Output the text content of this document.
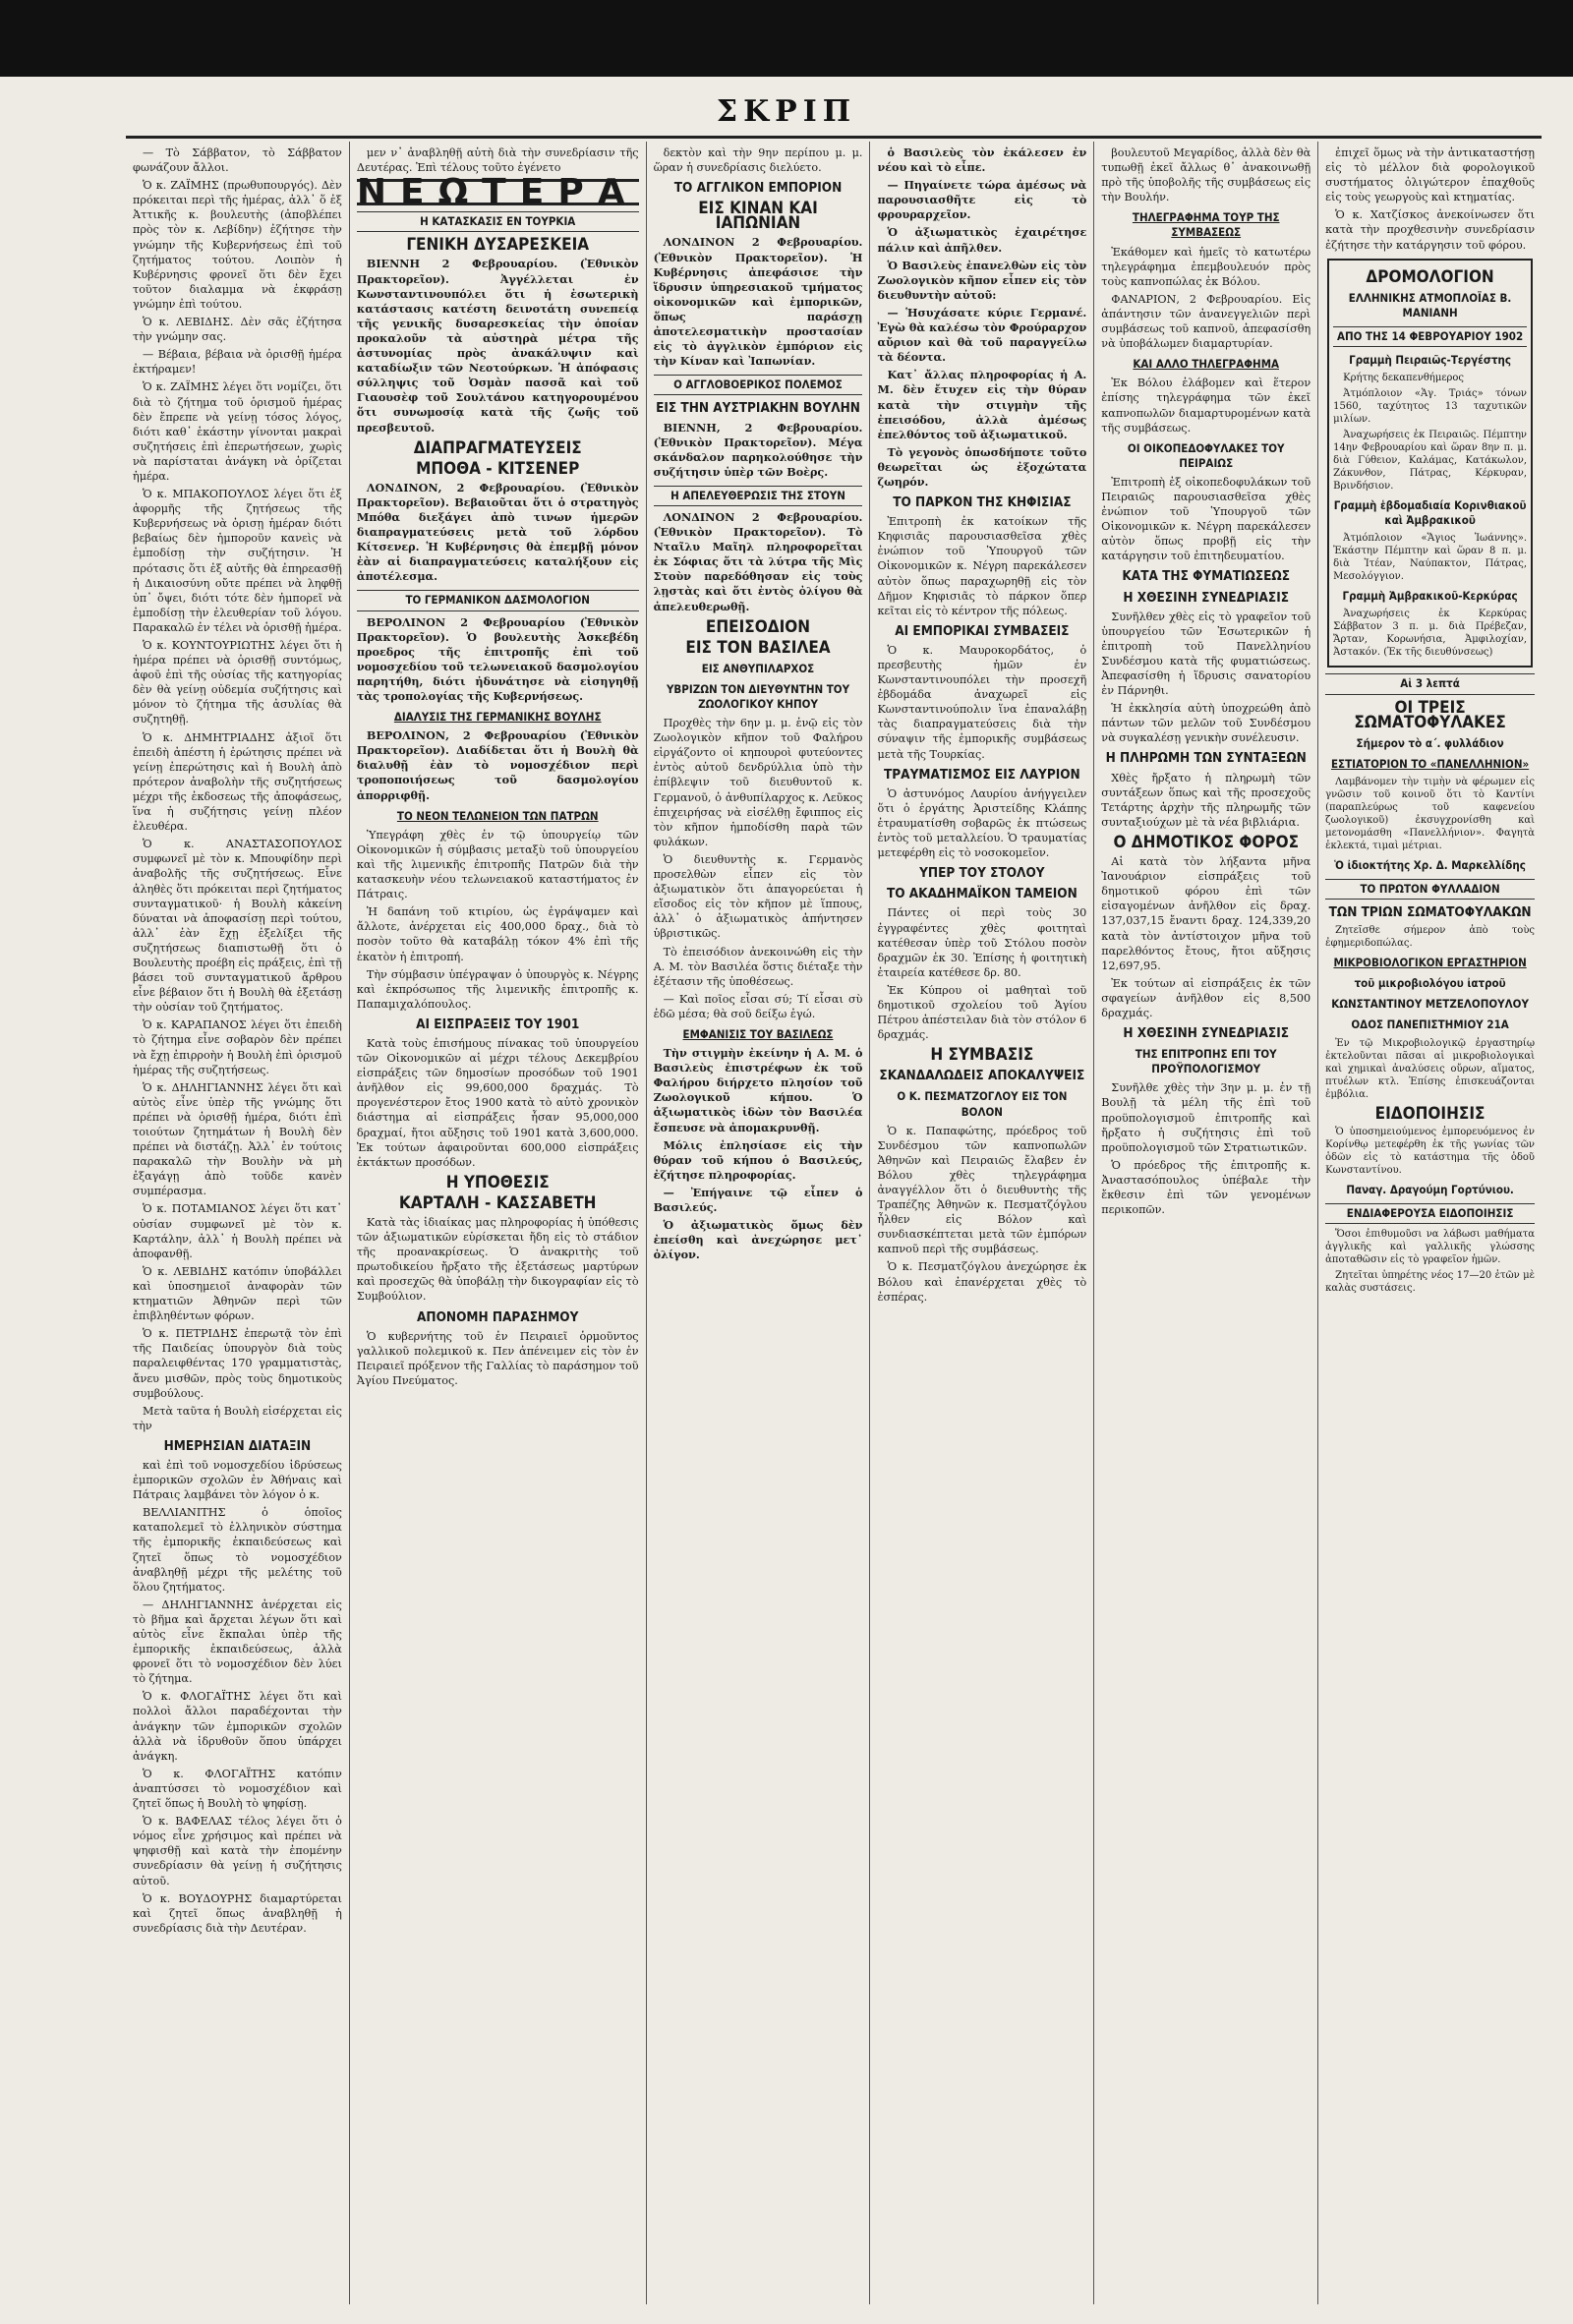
ΣΚΡΙΠ

— Τὸ Σάββατον, τὸ Σάββατον φωνάζουν ἄλλοι.

Ὁ κ. ΖΑΪΜΗΣ (πρωθυπουργός). Δὲν πρόκειται περὶ τῆς ἡμέρας, ἀλλ᾽ ὅ ἐξ Ἀττικῆς κ. βουλευτὴς (ἀποβλέπει πρὸς τὸν κ. Λεβίδην) ἐζήτησε τὴν γνώμην τῆς Κυβερνήσεως ἐπὶ τοῦ ζητήματος τούτου. Λοιπὸν ἡ Κυβέρνησις φρονεῖ ὅτι δὲν ἔχει τοῦτον διαλαμμα νὰ ἐκφράσῃ γνώμην ἐπὶ τούτου.

Ὁ κ. ΛΕΒΙΔΗΣ. Δὲν σᾶς ἐζήτησα τὴν γνώμην σας.

— Βέβαια, βέβαια νὰ ὁρισθῇ ἡμέρα ἐκτήραμεν!

Ὁ κ. ΖΑΪΜΗΣ λέγει ὅτι νομίζει, ὅτι διὰ τὸ ζήτημα τοῦ ὁρισμοῦ ἡμέρας δὲν ἔπρεπε νὰ γείνῃ τόσος λόγος, διότι καθ᾽ ἑκάστην γίνονται μακραὶ συζητήσεις ἐπὶ ἐπερωτήσεων, χωρὶς νὰ παρίσταται ἀνάγκη νὰ ὁρίζεται ἡμέρα.

Ὁ κ. ΜΠΑΚΟΠΟΥΛΟΣ λέγει ὅτι ἐξ ἀφορμῆς τῆς ζητήσεως τῆς Κυβερνήσεως νὰ ὁρισῃ ἡμέραν διότι βεβαίως δὲν ἠμποροῦν κανεὶς νὰ ἐμποδίσῃ τὴν συζήτησιν. Ἡ πρότασις ὅτι ἐξ αὐτῆς θὰ ἐπηρεασθῇ ἡ Δικαιοσύνη οὔτε πρέπει νὰ ληφθῇ ὑπ᾽ ὄψει, διότι τότε δὲν ἠμπορεῖ νὰ ἐμποδίσῃ τὴν ἐλευθερίαν τοῦ λόγου. Παρακαλῶ ἐν τέλει νὰ ὁρισθῇ ἡμέρα.

Ὁ κ. ΚΟΥΝΤΟΥΡΙΩΤΗΣ λέγει ὅτι ἡ ἡμέρα πρέπει νὰ ὁρισθῇ συντόμως, ἀφοῦ ἐπὶ τῆς οὐσίας τῆς κατηγορίας δὲν θὰ γείνῃ οὐδεμία συζήτησις καὶ μόνον τὸ ζήτημα τῆς ἀσυλίας θὰ συζητηθῇ.

Ὁ κ. ΔΗΜΗΤΡΙΑΔΗΣ ἀξιοῖ ὅτι ἐπειδὴ ἀπέστη ἡ ἐρώτησις πρέπει νὰ γείνῃ ἐπερώτησις καὶ ἡ Βουλὴ ἀπὸ πρότερον ἀναβολὴν τῆς συζητήσεως μέχρι τῆς ἐκδοσεως τῆς ἀποφάσεως, ἵνα ἡ συζήτησις γείνῃ πλέον ἐλευθέρα.

Ὁ κ. ΑΝΑΣΤΑΣΟΠΟΥΛΟΣ συμφωνεῖ μὲ τὸν κ. Μπουφίδην περὶ ἀναβολῆς τῆς συζητήσεως. Εἶνε ἀληθὲς ὅτι πρόκειται περὶ ζητήματος συνταγματικοῦ· ἡ Βουλὴ κἀκείνη δύναται νὰ ἀποφασίσῃ περὶ τούτου, ἀλλ᾽ ἐὰν ἔχῃ ἐξελίξει τῆς συζητήσεως διαπιστωθῇ ὅτι ὁ Βουλευτὴς προέβη εἰς πράξεις, ἐπὶ τῇ βάσει τοῦ συνταγματικοῦ ἄρθρου εἶνε βέβαιον ὅτι ἡ Βουλὴ θὰ ἐξετάσῃ τὴν οὐσίαν τοῦ ζητήματος.

Ὁ κ. ΚΑΡΑΠΑΝΟΣ λέγει ὅτι ἐπειδὴ τὸ ζήτημα εἶνε σοβαρὸν δὲν πρέπει νὰ ἔχῃ ἐπιρροὴν ἡ Βουλὴ ἐπὶ ὁρισμοῦ ἡμέρας τῆς συζητήσεως.

Ὁ κ. ΔΗΛΗΓΙΑΝΝΗΣ λέγει ὅτι καὶ αὐτὸς εἶνε ὑπὲρ τῆς γνώμης ὅτι πρέπει νὰ ὁρισθῇ ἡμέρα, διότι ἐπὶ τοιούτων ζητημάτων ἡ Βουλὴ δὲν πρέπει νὰ διστάζῃ. Ἀλλ᾽ ἐν τούτοις παρακαλῶ τὴν Βουλὴν νὰ μὴ ἐξαγάγῃ ἀπὸ τοῦδε κανὲν συμπέρασμα.

Ὁ κ. ΠΟΤΑΜΙΑΝΟΣ λέγει ὅτι κατ᾽ οὐσίαν συμφωνεῖ μὲ τὸν κ. Καρτάλην, ἀλλ᾽ ἡ Βουλὴ πρέπει νὰ ἀποφανθῇ.

Ὁ κ. ΛΕΒΙΔΗΣ κατόπιν ὑποβάλλει καὶ ὑποσημειοῖ ἀναφορὰν τῶν κτηματιῶν Ἀθηνῶν περὶ τῶν ἐπιβληθέντων φόρων.

Ὁ κ. ΠΕΤΡΙΔΗΣ ἐπερωτᾷ τὸν ἐπὶ τῆς Παιδείας ὑπουργὸν διὰ τοὺς παραλειφθέντας 170 γραμματιστὰς, ἄνευ μισθῶν, πρὸς τοὺς δημοτικοὺς συμβούλους.

Μετὰ ταῦτα ἡ Βουλὴ εἰσέρχεται εἰς τὴν

ΗΜΕΡΗΣΙΑΝ ΔΙΑΤΑΞΙΝ

καὶ ἐπὶ τοῦ νομοσχεδίου ἱδρύσεως ἐμπορικῶν σχολῶν ἐν Ἀθήναις καὶ Πάτραις λαμβάνει τὸν λόγον ὁ κ.

ΒΕΛΛΙΑΝΙΤΗΣ ὁ ὁποῖος καταπολεμεῖ τὸ ἑλληνικὸν σύστημα τῆς ἐμπορικῆς ἐκπαιδεύσεως καὶ ζητεῖ ὅπως τὸ νομοσχέδιον ἀναβληθῇ μέχρι τῆς μελέτης τοῦ ὅλου ζητήματος.

— ΔΗΛΗΓΙΑΝΝΗΣ ἀνέρχεται εἰς τὸ βῆμα καὶ ἄρχεται λέγων ὅτι καὶ αὐτὸς εἶνε ἔκπαλαι ὑπὲρ τῆς ἐμπορικῆς ἐκπαιδεύσεως, ἀλλὰ φρονεῖ ὅτι τὸ νομοσχέδιον δὲν λύει τὸ ζήτημα.

Ὁ κ. ΦΛΟΓΑΪΤΗΣ λέγει ὅτι καὶ πολλοὶ ἄλλοι παραδέχονται τὴν ἀνάγκην τῶν ἐμπορικῶν σχολῶν ἀλλὰ νὰ ἱδρυθοῦν ὅπου ὑπάρχει ἀνάγκη.

Ὁ κ. ΦΛΟΓΑΪΤΗΣ κατόπιν ἀναπτύσσει τὸ νομοσχέδιον καὶ ζητεῖ ὅπως ἡ Βουλὴ τὸ ψηφίσῃ.

Ὁ κ. ΒΑΦΕΛΑΣ τέλος λέγει ὅτι ὁ νόμος εἶνε χρήσιμος καὶ πρέπει νὰ ψηφισθῇ καὶ κατὰ τὴν ἐπομένην συνεδρίασιν θὰ γείνῃ ἡ συζήτησις αὐτοῦ.

Ὁ κ. ΒΟΥΔΟΥΡΗΣ διαμαρτύρεται καὶ ζητεῖ ὅπως ἀναβληθῇ ἡ συνεδρίασις διὰ τὴν Δευτέραν.

μεν ν᾽ ἀναβληθῇ αὐτὴ διὰ τὴν συνεδρίασιν τῆς Δευτέρας. Ἐπὶ τέλους τοῦτο ἐγένετο

ΝΕΩΤΕΡΑ
Η ΚΑΤΑΣΚΑΣΙΣ ΕΝ ΤΟΥΡΚΙΑ
ΓΕΝΙΚΗ ΔΥΣΑΡΕΣΚΕΙΑ

ΒΙΕΝΝΗ 2 Φεβρουαρίου. (Ἐθνικὸν Πρακτορεῖον). Ἀγγέλλεται ἐν Κωνσταντινουπόλει ὅτι ἡ ἐσωτερικὴ κατάστασις κατέστη δεινοτάτη συνεπείᾳ τῆς γενικῆς δυσαρεσκείας τὴν ὁποίαν προκαλοῦν τὰ αὐστηρὰ μέτρα τῆς ἀστυνομίας πρὸς ἀνακάλυψιν καὶ καταδίωξιν τῶν Νεοτούρκων. Ἡ ἀπόφασις σύλληψις τοῦ Ὀσμὰν πασσᾶ καὶ τοῦ Γιαουσὲφ τοῦ Σουλτάνου κατηγορουμένου ὅτι συνωμοσίᾳ κατὰ τῆς ζωῆς τοῦ πρεσβευτοῦ.

ΔΙΑΠΡΑΓΜΑΤΕΥΣΕΙΣ
ΜΠΟΘΑ - ΚΙΤΣΕΝΕΡ

ΛΟΝΔΙΝΟΝ, 2 Φεβρουαρίου. (Ἐθνικὸν Πρακτορεῖον). Βεβαιοῦται ὅτι ὁ στρατηγὸς Μπόθα διεξάγει ἀπὸ τινων ἡμερῶν διαπραγματεύσεις μετὰ τοῦ λόρδου Κίτσενερ. Ἡ Κυβέρνησις θὰ ἐπεμβῇ μόνον ἐὰν αἱ διαπραγματεύσεις καταλήξουν εἰς ἀποτέλεσμα.

ΤΟ ΓΕΡΜΑΝΙΚΟΝ ΔΑΣΜΟΛΟΓΙΟΝ

ΒΕΡΟΛΙΝΟΝ 2 Φεβρουαρίου (Ἐθνικὸν Πρακτορεῖον). Ὁ βουλευτὴς Ἀσκεβέδη προεδρος τῆς ἐπιτροπῆς ἐπὶ τοῦ νομοσχεδίου τοῦ τελωνειακοῦ δασμολογίου παρητήθη, διότι ἠδυνάτησε νὰ εἰσηγηθῇ τὰς τροπολογίας τῆς Κυβερνήσεως.

ΔΙΑΛΥΣΙΣ ΤΗΣ ΓΕΡΜΑΝΙΚΗΣ ΒΟΥΛΗΣ

ΒΕΡΟΛΙΝΟΝ, 2 Φεβρουαρίου (Ἐθνικὸν Πρακτορεῖον). Διαδίδεται ὅτι ἡ Βουλὴ θὰ διαλυθῇ ἐὰν τὸ νομοσχέδιον περὶ τροποποιήσεως τοῦ δασμολογίου ἀπορριφθῇ.

ΤΟ ΝΕΟΝ ΤΕΛΩΝΕΙΟΝ ΤΩΝ ΠΑΤΡΩΝ

Ὑπεγράφη χθὲς ἐν τῷ ὑπουργείῳ τῶν Οἰκονομικῶν ἡ σύμβασις μεταξὺ τοῦ ὑπουργείου καὶ τῆς λιμενικῆς ἐπιτροπῆς Πατρῶν διὰ τὴν κατασκευὴν νέου τελωνειακοῦ καταστήματος ἐν Πάτραις.

Ἡ δαπάνη τοῦ κτιρίου, ὡς ἐγράψαμεν καὶ ἄλλοτε, ἀνέρχεται εἰς 400,000 δραχ., διὰ τὸ ποσὸν τοῦτο θὰ καταβάλῃ τόκον 4% ἐπὶ τῆς ἑκατὸν ἡ ἐπιτροπή.

Τὴν σύμβασιν ὑπέγραψαν ὁ ὑπουργὸς κ. Νέγρης καὶ ἐκπρόσωπος τῆς λιμενικῆς ἐπιτροπῆς κ. Παπαμιχαλόπουλος.

ΑΙ ΕΙΣΠΡΑΞΕΙΣ ΤΟΥ 1901

Κατὰ τοὺς ἐπισήμους πίνακας τοῦ ὑπουργείου τῶν Οἰκονομικῶν αἱ μέχρι τέλους Δεκεμβρίου εἰσπράξεις τῶν δημοσίων προσόδων τοῦ 1901 ἀνῆλθον εἰς 99,600,000 δραχμάς. Τὸ προγενέστερον ἔτος 1900 κατὰ τὸ αὐτὸ χρονικὸν διάστημα αἱ εἰσπράξεις ἦσαν 95,000,000 δραχμαί, ἤτοι αὔξησις τοῦ 1901 κατὰ 3,600,000. Ἐκ τούτων ἀφαιροῦνται 600,000 εἰσπράξεις ἐκτάκτων προσόδων.

Η ΥΠΟΘΕΣΙΣ
ΚΑΡΤΑΛΗ - ΚΑΣΣΑΒΕΤΗ

Κατὰ τὰς ἰδιαίκας μας πληροφορίας ἡ ὑπόθεσις τῶν ἀξιωματικῶν εὑρίσκεται ἤδη εἰς τὸ στάδιον τῆς προανακρίσεως. Ὁ ἀνακριτὴς τοῦ πρωτοδικείου ἤρξατο τῆς ἐξετάσεως μαρτύρων καὶ προσεχῶς θὰ ὑποβάλῃ τὴν δικογραφίαν εἰς τὸ Συμβούλιον.

ΑΠΟΝΟΜΗ ΠΑΡΑΣΗΜΟΥ

Ὁ κυβερνήτης τοῦ ἐν Πειραιεῖ ὁρμοῦντος γαλλικοῦ πολεμικοῦ κ. Πεν ἀπένειμεν εἰς τὸν ἐν Πειραιεῖ πρόξενον τῆς Γαλλίας τὸ παράσημον τοῦ Ἀγίου Πνεύματος.

δεκτὸν καὶ τὴν 9ην περίπου μ. μ. ὥραν ἡ συνεδρίασις διελύετο.

ΤΟ ΑΓΓΛΙΚΟΝ ΕΜΠΟΡΙΟΝ
ΕΙΣ ΚΙΝΑΝ ΚΑΙ ΙΑΠΩΝΙΑΝ

ΛΟΝΔΙΝΟΝ 2 Φεβρουαρίου. (Ἐθνικὸν Πρακτορεῖον). Ἡ Κυβέρνησις ἀπεφάσισε τὴν ἵδρυσιν ὑπηρεσιακοῦ τμήματος οἰκονομικῶν καὶ ἐμπορικῶν, ὅπως παράσχῃ ἀποτελεσματικὴν προστασίαν εἰς τὸ ἀγγλικὸν ἐμπόριον εἰς τὴν Κίναν καὶ Ἰαπωνίαν.

Ο ΑΓΓΛΟΒΟΕΡΙΚΟΣ ΠΟΛΕΜΟΣ
ΕΙΣ ΤΗΝ ΑΥΣΤΡΙΑΚΗΝ ΒΟΥΛΗΝ

ΒΙΕΝΝΗ, 2 Φεβρουαρίου. (Ἐθνικὸν Πρακτορεῖον). Μέγα σκάνδαλον παρηκολούθησε τὴν συζήτησιν ὑπὲρ τῶν Βοὲρς.

Η ΑΠΕΛΕΥΘΕΡΩΣΙΣ ΤΗΣ ΣΤΟΥΝ

ΛΟΝΔΙΝΟΝ 2 Φεβρουαρίου. (Ἐθνικὸν Πρακτορεῖον). Τὸ Νταῖλυ Μαῖηλ πληροφορεῖται ἐκ Σόφιας ὅτι τὰ λύτρα τῆς Μὶς Στοὺν παρεδόθησαν εἰς τοὺς λῃστὰς καὶ ὅτι ἐντὸς ὀλίγου θὰ ἀπελευθερωθῇ.

ΕΠΕΙΣΟΔΙΟΝ
ΕΙΣ ΤΟΝ ΒΑΣΙΛΕΑ
ΕΙΣ ΑΝΘΥΠΙΛΑΡΧΟΣ
ΥΒΡΙΖΩΝ ΤΟΝ ΔΙΕΥΘΥΝΤΗΝ ΤΟΥ ΖΩΟΛΟΓΙΚΟΥ ΚΗΠΟΥ

Προχθὲς τὴν 6ην μ. μ. ἐνῷ εἰς τὸν Ζωολογικὸν κῆπον τοῦ Φαλήρου εἰργάζοντο οἱ κηπουροὶ φυτεύοντες ἐντὸς αὐτοῦ δενδρύλλια ὑπὸ τὴν ἐπίβλεψιν τοῦ διευθυντοῦ κ. Γερμανοῦ, ὁ ἀνθυπίλαρχος κ. Λεῦκος ἐπιχειρήσας νὰ εἰσέλθῃ ἔφιππος εἰς τὸν κῆπον ἠμποδίσθη παρὰ τῶν φυλάκων.

Ὁ διευθυντὴς κ. Γερμανὸς προσελθὼν εἶπεν εἰς τὸν ἀξιωματικὸν ὅτι ἀπαγορεύεται ἡ εἴσοδος εἰς τὸν κῆπον μὲ ἵππους, ἀλλ᾽ ὁ ἀξιωματικὸς ἀπήντησεν ὑβριστικῶς.

Τὸ ἐπεισόδιον ἀνεκοινώθη εἰς τὴν Α. Μ. τὸν Βασιλέα ὅστις διέταξε τὴν ἐξέτασιν τῆς ὑποθέσεως.

— Καὶ ποῖος εἶσαι σύ; Τί εἶσαι σὺ ἐδῶ μέσα; θὰ σοῦ δείξω ἐγώ.

ΕΜΦΑΝΙΣΙΣ ΤΟΥ ΒΑΣΙΛΕΩΣ

Τὴν στιγμὴν ἐκείνην ἡ Α. Μ. ὁ Βασιλεὺς ἐπιστρέφων ἐκ τοῦ Φαλήρου διήρχετο πλησίον τοῦ Ζωολογικοῦ κήπου. Ὁ ἀξιωματικὸς ἰδὼν τὸν Βασιλέα ἔσπευσε νὰ ἀπομακρυνθῇ.

Μόλις ἐπλησίασε εἰς τὴν θύραν τοῦ κήπου ὁ Βασιλεύς, ἐζήτησε πληροφορίας.

— Ἐπήγαινε τῷ εἶπεν ὁ Βασιλεύς.

Ὁ ἀξιωματικὸς ὅμως δὲν ἐπείσθη καὶ ἀνεχώρησε μετ᾽ ὀλίγον.

ὁ Βασιλεὺς τὸν ἐκάλεσεν ἐν νέου καὶ τὸ εἶπε.

— Πηγαίνετε τώρα ἀμέσως νὰ παρουσιασθῆτε εἰς τὸ φρουραρχεῖον.

Ὁ ἀξιωματικὸς ἐχαιρέτησε πάλιν καὶ ἀπῆλθεν.

Ὁ Βασιλεὺς ἐπανελθὼν εἰς τὸν Ζωολογικὸν κῆπον εἶπεν εἰς τὸν διευθυντὴν αὐτοῦ:

— Ἡσυχάσατε κύριε Γερμανέ. Ἐγὼ θὰ καλέσω τὸν Φρούραρχον αὔριον καὶ θὰ τοῦ παραγγείλω τὰ δέοντα.

Κατ᾽ ἄλλας πληροφορίας ἡ Α. Μ. δὲν ἔτυχεν εἰς τὴν θύραν κατὰ τὴν στιγμὴν τῆς ἐπεισόδου, ἀλλὰ ἀμέσως ἐπελθόντος τοῦ ἀξιωματικοῦ.

Τὸ γεγονὸς ὁπωσδήποτε τοῦτο θεωρεῖται ὡς ἐξοχώτατα ζωηρόν.

ΤΟ ΠΑΡΚΟΝ ΤΗΣ ΚΗΦΙΣΙΑΣ

Ἐπιτροπὴ ἐκ κατοίκων τῆς Κηφισιᾶς παρουσιασθεῖσα χθὲς ἐνώπιον τοῦ Ὑπουργοῦ τῶν Οἰκονομικῶν κ. Νέγρη παρεκάλεσεν αὐτὸν ὅπως παραχωρηθῇ εἰς τὸν Δῆμον Κηφισιᾶς τὸ πάρκον ὅπερ κεῖται εἰς τὸ κέντρον τῆς πόλεως.

ΑΙ ΕΜΠΟΡΙΚΑΙ ΣΥΜΒΑΣΕΙΣ

Ὁ κ. Μαυροκορδάτος, ὁ πρεσβευτὴς ἡμῶν ἐν Κωνσταντινουπόλει τὴν προσεχῆ ἑβδομάδα ἀναχωρεῖ εἰς Κωνσταντινούπολιν ἵνα ἐπαναλάβῃ τὰς διαπραγματεύσεις διὰ τὴν σύναψιν τῆς ἐμπορικῆς συμβάσεως μετὰ τῆς Τουρκίας.

ΤΡΑΥΜΑΤΙΣΜΟΣ ΕΙΣ ΛΑΥΡΙΟΝ

Ὁ ἀστυνόμος Λαυρίου ἀνήγγειλεν ὅτι ὁ ἐργάτης Ἀριστείδης Κλάπης ἐτραυματίσθη σοβαρῶς ἐκ πτώσεως ἐντὸς τοῦ μεταλλείου. Ὁ τραυματίας μετεφέρθη εἰς τὸ νοσοκομεῖον.

ΥΠΕΡ ΤΟΥ ΣΤΟΛΟΥ
ΤΟ ΑΚΑΔΗΜΑΪΚΟΝ ΤΑΜΕΙΟΝ

Πάντες οἱ περὶ τοὺς 30 ἐγγραφέντες χθὲς φοιτηταὶ κατέθεσαν ὑπὲρ τοῦ Στόλου ποσὸν δραχμῶν ἐκ 30. Ἐπίσης ἡ φοιτητικὴ ἑταιρεία κατέθεσε δρ. 80.

Ἐκ Κύπρου οἱ μαθηταὶ τοῦ δημοτικοῦ σχολείου τοῦ Ἁγίου Πέτρου ἀπέστειλαν διὰ τὸν στόλον 6 δραχμάς.

Η ΣΥΜΒΑΣΙΣ
ΣΚΑΝΔΑΛΩΔΕΙΣ ΑΠΟΚΑΛΥΨΕΙΣ
Ο Κ. ΠΕΣΜΑΤΖΟΓΛΟΥ ΕΙΣ ΤΟΝ ΒΟΛΟΝ

Ὁ κ. Παπαφώτης, πρόεδρος τοῦ Συνδέσμου τῶν καπνοπωλῶν Ἀθηνῶν καὶ Πειραιῶς ἔλαβεν ἐν Βόλου χθὲς τηλεγράφημα ἀναγγέλλον ὅτι ὁ διευθυντὴς τῆς Τραπέζης Ἀθηνῶν κ. Πεσματζόγλου ἦλθεν εἰς Βόλον καὶ συνδιασκέπτεται μετὰ τῶν ἐμπόρων καπνοῦ περὶ τῆς συμβάσεως.

Ὁ κ. Πεσματζόγλου ἀνεχώρησε ἐκ Βόλου καὶ ἐπανέρχεται χθὲς τὸ ἑσπέρας.

βουλευτοῦ Μεγαρίδος, ἀλλὰ δὲν θὰ τυπωθῇ ἐκεῖ ἄλλως θ᾽ ἀνακοινωθῇ πρὸ τῆς ὑποβολῆς τῆς συμβάσεως εἰς τὴν Βουλήν.

ΤΗΛΕΓΡΑΦΗΜΑ ΤΟΥΡ ΤΗΣ ΣΥΜΒΑΣΕΩΣ

Ἐκάθομεν καὶ ἡμεῖς τὸ κατωτέρω τηλεγράφημα ἐπεμβουλευόν πρὸς τοὺς καπνοπώλας ἐκ Βόλου.

ΦΑΝΑΡΙΟΝ, 2 Φεβρουαρίου. Εἰς ἀπάντησιν τῶν ἀνανεγγελιῶν περὶ συμβάσεως τοῦ καπνοῦ, ἀπεφασίσθη νὰ ὑποβάλωμεν διαμαρτυρίαν.

ΚΑΙ ΑΛΛΟ ΤΗΛΕΓΡΑΦΗΜΑ

Ἐκ Βόλου ἐλάβομεν καὶ ἕτερον ἐπίσης τηλεγράφημα τῶν ἐκεῖ καπνοπωλῶν διαμαρτυρομένων κατὰ τῆς συμβάσεως.

ΟΙ ΟΙΚΟΠΕΔΟΦΥΛΑΚΕΣ ΤΟΥ ΠΕΙΡΑΙΩΣ

Ἐπιτροπὴ ἐξ οἰκοπεδοφυλάκων τοῦ Πειραιῶς παρουσιασθεῖσα χθὲς ἐνώπιον τοῦ Ὑπουργοῦ τῶν Οἰκονομικῶν κ. Νέγρη παρεκάλεσεν αὐτὸν ὅπως προβῇ εἰς τὴν κατάργησιν τοῦ ἐπιτηδευματίου.

ΚΑΤΑ ΤΗΣ ΦΥΜΑΤΙΩΣΕΩΣ
Η ΧΘΕΣΙΝΗ ΣΥΝΕΔΡΙΑΣΙΣ

Συνῆλθεν χθὲς εἰς τὸ γραφεῖον τοῦ ὑπουργείου τῶν Ἐσωτερικῶν ἡ ἐπιτροπὴ τοῦ Πανελληνίου Συνδέσμου κατὰ τῆς φυματιώσεως. Ἀπεφασίσθη ἡ ἵδρυσις σανατορίου ἐν Πάρνηθι.

Ἡ ἐκκλησία αὐτὴ ὑποχρεώθη ἀπὸ πάντων τῶν μελῶν τοῦ Συνδέσμου νὰ συγκαλέσῃ γενικὴν συνέλευσιν.

Η ΠΛΗΡΩΜΗ ΤΩΝ ΣΥΝΤΑΞΕΩΝ

Χθὲς ἤρξατο ἡ πληρωμὴ τῶν συντάξεων ὅπως καὶ τῆς προσεχοῦς Τετάρτης ἀρχὴν τῆς πληρωμῆς τῶν συνταξιούχων μὲ τὰ νέα βιβλιάρια.

Ο ΔΗΜΟΤΙΚΟΣ ΦΟΡΟΣ

Αἱ κατὰ τὸν λήξαντα μῆνα Ἰανουάριον εἰσπράξεις τοῦ δημοτικοῦ φόρου ἐπὶ τῶν εἰσαγομένων ἀνῆλθον εἰς δραχ. 137,037,15 ἔναντι δραχ. 124,339,20 κατὰ τὸν ἀντίστοιχον μῆνα τοῦ παρελθόντος ἔτους, ἤτοι αὔξησις 12,697,95.

Ἐκ τούτων αἱ εἰσπράξεις ἐκ τῶν σφαγείων ἀνῆλθον εἰς 8,500 δραχμάς.

Η ΧΘΕΣΙΝΗ ΣΥΝΕΔΡΙΑΣΙΣ
ΤΗΣ ΕΠΙΤΡΟΠΗΣ ΕΠΙ ΤΟΥ ΠΡΟΫΠΟΛΟΓΙΣΜΟΥ

Συνῆλθε χθὲς τὴν 3ην μ. μ. ἐν τῇ Βουλῇ τὰ μέλη τῆς ἐπὶ τοῦ προϋπολογισμοῦ ἐπιτροπῆς καὶ ἤρξατο ἡ συζήτησις ἐπὶ τοῦ προϋπολογισμοῦ τῶν Στρατιωτικῶν.

Ὁ πρόεδρος τῆς ἐπιτροπῆς κ. Ἀναστασόπουλος ὑπέβαλε τὴν ἔκθεσιν ἐπὶ τῶν γενομένων περικοπῶν.

ἐπιχεῖ ὅμως νὰ τὴν ἀντικαταστήσῃ εἰς τὸ μέλλον διὰ φορολογικοῦ συστήματος ὀλιγώτερον ἐπαχθοῦς εἰς τοὺς γεωργοὺς καὶ κτηματίας.

Ὁ κ. Χατζίσκος ἀνεκοίνωσεν ὅτι κατὰ τὴν προχθεσινὴν συνεδρίασιν ἐζήτησε τὴν κατάργησιν τοῦ φόρου.

ΔΡΟΜΟΛΟΓΙΟΝ
ΕΛΛΗΝΙΚΗΣ ΑΤΜΟΠΛΟΪΑΣ Β. ΜΑΝΙΑΝΗ
ΑΠΟ ΤΗΣ 14 ΦΕΒΡΟΥΑΡΙΟΥ 1902
Γραμμὴ Πειραιῶς-Τεργέστης

Κρήτης δεκαπενθήμερος

Ἀτμόπλοιον «Ἁγ. Τριάς» τόνων 1560, ταχύτητος 13 ταχυτικῶν μιλίων.

Ἀναχωρήσεις ἐκ Πειραιῶς. Πέμπτην 14ην Φεβρουαρίου καὶ ὥραν 8ην π. μ. διὰ Γύθειον, Καλάμας, Κατάκωλον, Ζάκυνθον, Πάτρας, Κέρκυραν, Βρινδήσιον.

Γραμμὴ ἑβδομαδιαία Κορινθιακοῦ καὶ Ἀμβρακικοῦ

Ἀτμόπλοιον «Ἅγιος Ἰωάννης». Ἐκάστην Πέμπτην καὶ ὥραν 8 π. μ. διὰ Ἰτέαν, Ναύπακτον, Πάτρας, Μεσολόγγιον.

Γραμμὴ Ἀμβρακικοῦ-Κερκύρας

Ἀναχωρήσεις ἐκ Κερκύρας Σάββατον 3 π. μ. διὰ Πρέβεζαν, Ἄρταν, Κορωνήσια, Ἀμφιλοχίαν, Ἀστακόν. (Ἐκ τῆς διευθύνσεως)

Αἱ 3 λεπτά
ΟΙ ΤΡΕΙΣ ΣΩΜΑΤΟΦΥΛΑΚΕΣ
Σήμερον τὸ α΄. φυλλάδιον
ΕΣΤΙΑΤΟΡΙΟΝ ΤΟ «ΠΑΝΕΛΛΗΝΙΟΝ»

Λαμβάνομεν τὴν τιμὴν νὰ φέρωμεν εἰς γνῶσιν τοῦ κοινοῦ ὅτι τὸ Καντίνι (παραπλεύρως τοῦ καφενείου ζωολογικοῦ) ἐκσυγχρονίσθη καὶ μετονομάσθη «Πανελλήνιον». Φαγητὰ ἐκλεκτά, τιμαὶ μέτριαι.

Ὁ ἰδιοκτήτης Χρ. Δ. Μαρκελλίδης
ΤΟ ΠΡΩΤΟΝ ΦΥΛΛΑΔΙΟΝ
ΤΩΝ ΤΡΙΩΝ ΣΩΜΑΤΟΦΥΛΑΚΩΝ

Ζητεῖσθε σήμερον ἀπὸ τοὺς ἐφημεριδοπώλας.

ΜΙΚΡΟΒΙΟΛΟΓΙΚΟΝ ΕΡΓΑΣΤΗΡΙΟΝ
τοῦ μικροβιολόγου ἰατροῦ
ΚΩΝΣΤΑΝΤΙΝΟΥ ΜΕΤΖΕΛΟΠΟΥΛΟΥ
ΟΔΟΣ ΠΑΝΕΠΙΣΤΗΜΙΟΥ 21Α

Ἐν τῷ Μικροβιολογικῷ ἐργαστηρίῳ ἐκτελοῦνται πᾶσαι αἱ μικροβιολογικαὶ καὶ χημικαὶ ἀναλύσεις οὔρων, αἵματος, πτυέλων κτλ. Ἐπίσης ἐπισκευάζονται ἐμβόλια.

ΕΙΔΟΠΟΙΗΣΙΣ

Ὁ ὑποσημειούμενος ἐμπορευόμενος ἐν Κορίνθῳ μετεφέρθη ἐκ τῆς γωνίας τῶν ὁδῶν εἰς τὸ κατάστημα τῆς ὁδοῦ Κωνσταντίνου.

Παναγ. Δραγούμη Γορτύνιου.
ΕΝΔΙΑΦΕΡΟΥΣΑ ΕΙΔΟΠΟΙΗΣΙΣ

Ὅσοι ἐπιθυμοῦσι να λάβωσι μαθήματα ἀγγλικῆς καὶ γαλλικῆς γλώσσης ἀποταθῶσιν εἰς τὸ γραφεῖον ἡμῶν.

Ζητεῖται ὑπηρέτης νέος 17—20 ἐτῶν μὲ καλὰς συστάσεις.
